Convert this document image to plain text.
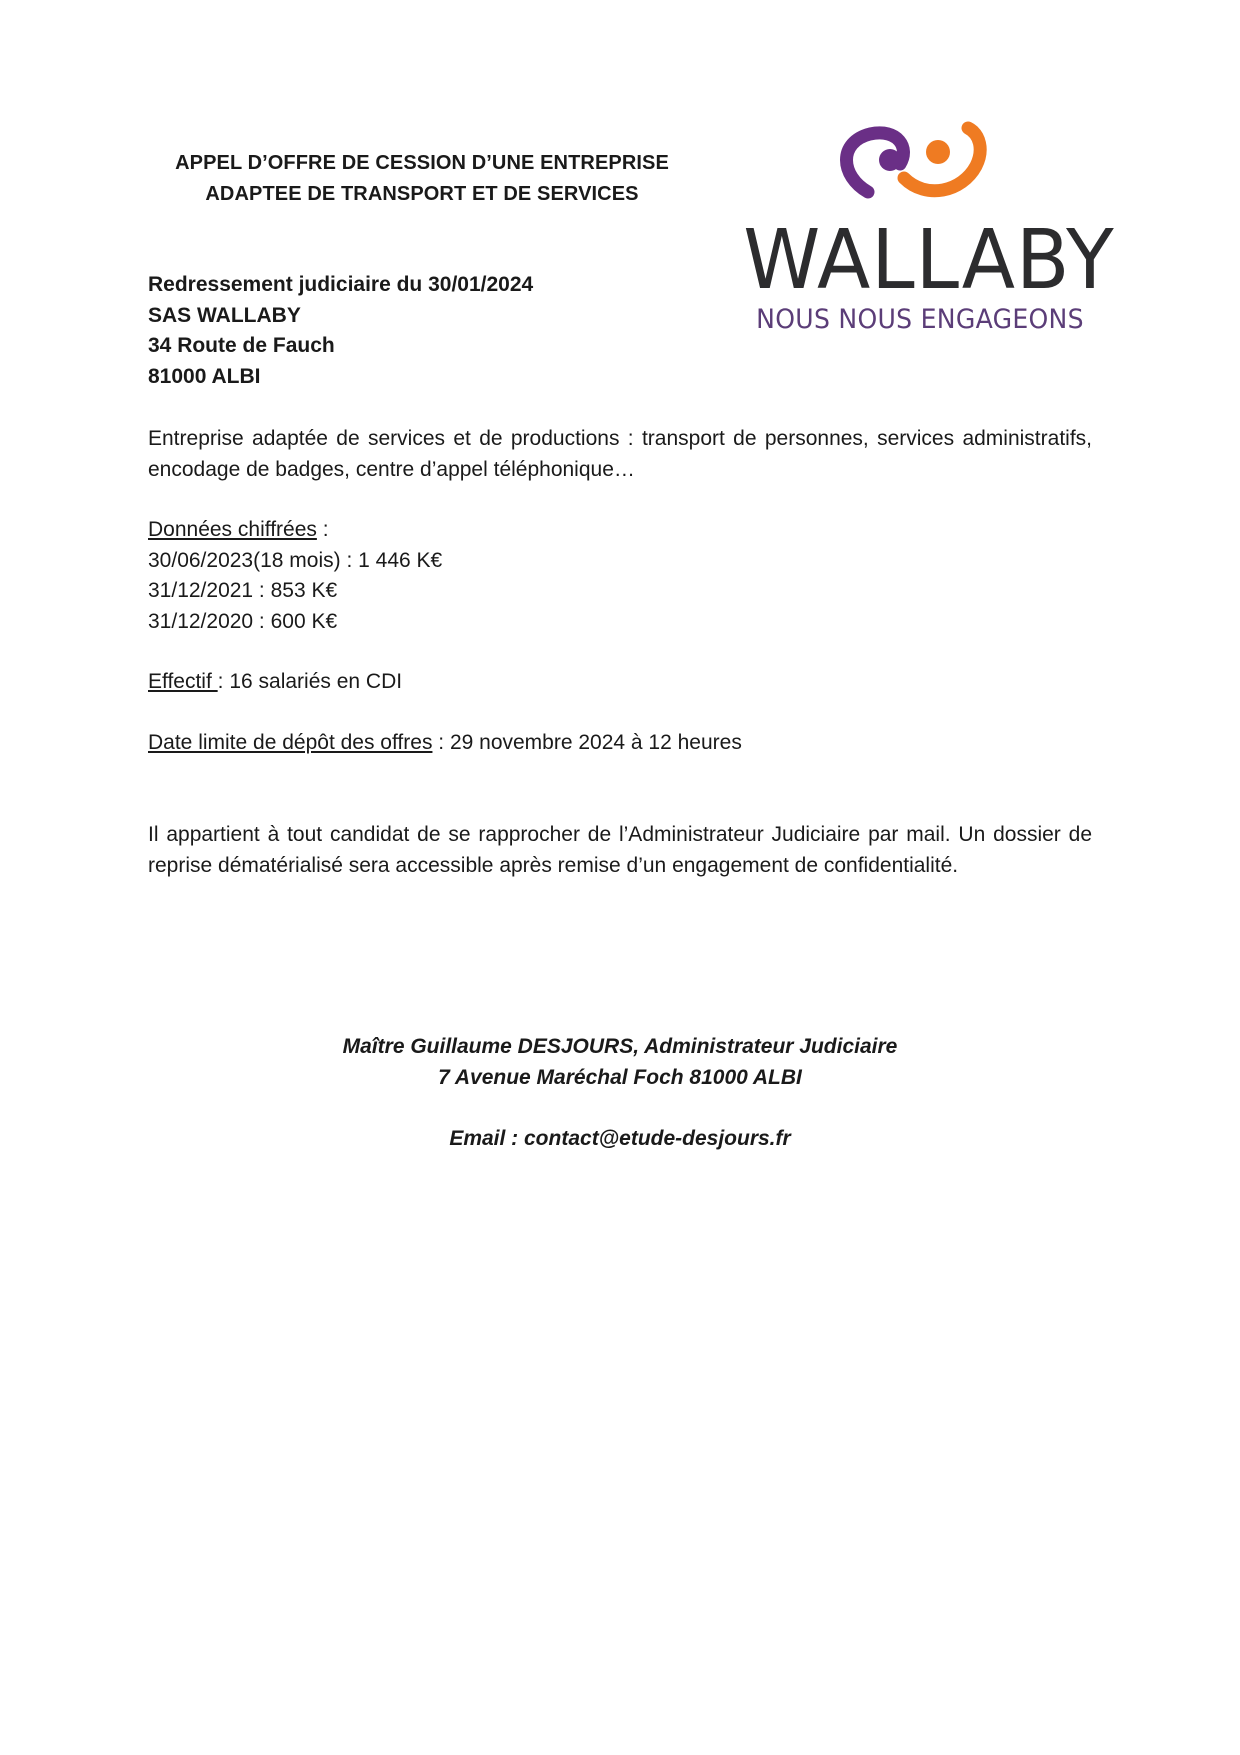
APPEL D’OFFRE DE CESSION D’UNE ENTREPRISE
ADAPTEE DE TRANSPORT ET DE SERVICES
WALLABY
NOUS NOUS ENGAGEONS
Redressement judiciaire du 30/01/2024
SAS WALLABY
34 Route de Fauch
81000 ALBI
Entreprise adaptée de services et de productions : transport de personnes, services administratifs, encodage de badges, centre d’appel téléphonique…
Données chiffrées :
30/06/2023(18 mois) : 1 446 K€
31/12/2021 : 853 K€
31/12/2020 : 600 K€
Effectif : 16 salariés en CDI
Date limite de dépôt des offres : 29 novembre 2024 à 12 heures
Il appartient à tout candidat de se rapprocher de l’Administrateur Judiciaire par mail. Un dossier de reprise dématérialisé sera accessible après remise d’un engagement de confidentialité.
Maître Guillaume DESJOURS, Administrateur Judiciaire
7 Avenue Maréchal Foch 81000 ALBI
Email : contact@etude-desjours.fr
